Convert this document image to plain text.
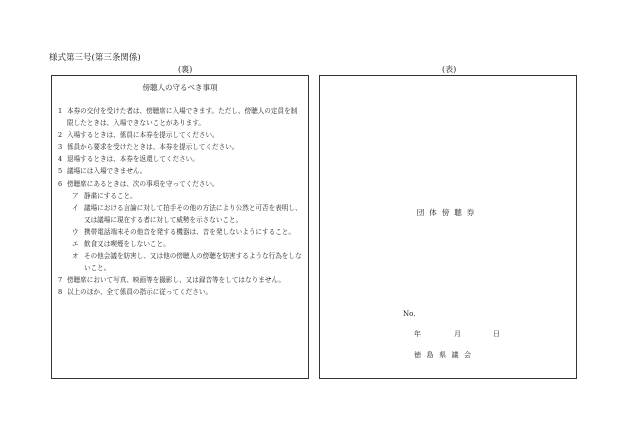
様式第三号(第三条関係)
(裏)	(表)
傍聴人の守るべき事項

1 本券の交付を受けた者は、傍聴席に入場できます。ただし、傍聴人の定員を制限したときは、入場できないことがあります。

2 入場するときは、係員に本券を提示してください。

3 係員から要求を受けたときは、本券を提示してください。

4 退場するときは、本券を返還してください。

5 議場には入場できません。

6 傍聴席にあるときは、次の事項を守ってください。

ア 静粛にすること。

イ 議場における言論に対して拍手その他の方法により公然と可否を表明し、又は議場に現在する者に対して威勢を示さないこと。

ウ 携帯電話端末その他音を発する機器は、音を発しないようにすること。

エ 飲食又は喫煙をしないこと。

オ その他会議を妨害し、又は他の傍聴人の傍聴を妨害するような行為をしないこと。

7 傍聴席において写真、映画等を撮影し、又は録音等をしてはなりません。

8 以上のほか、全て係員の指示に従ってください。

団体傍聴券
No.
年	月	日
徳島県議会
